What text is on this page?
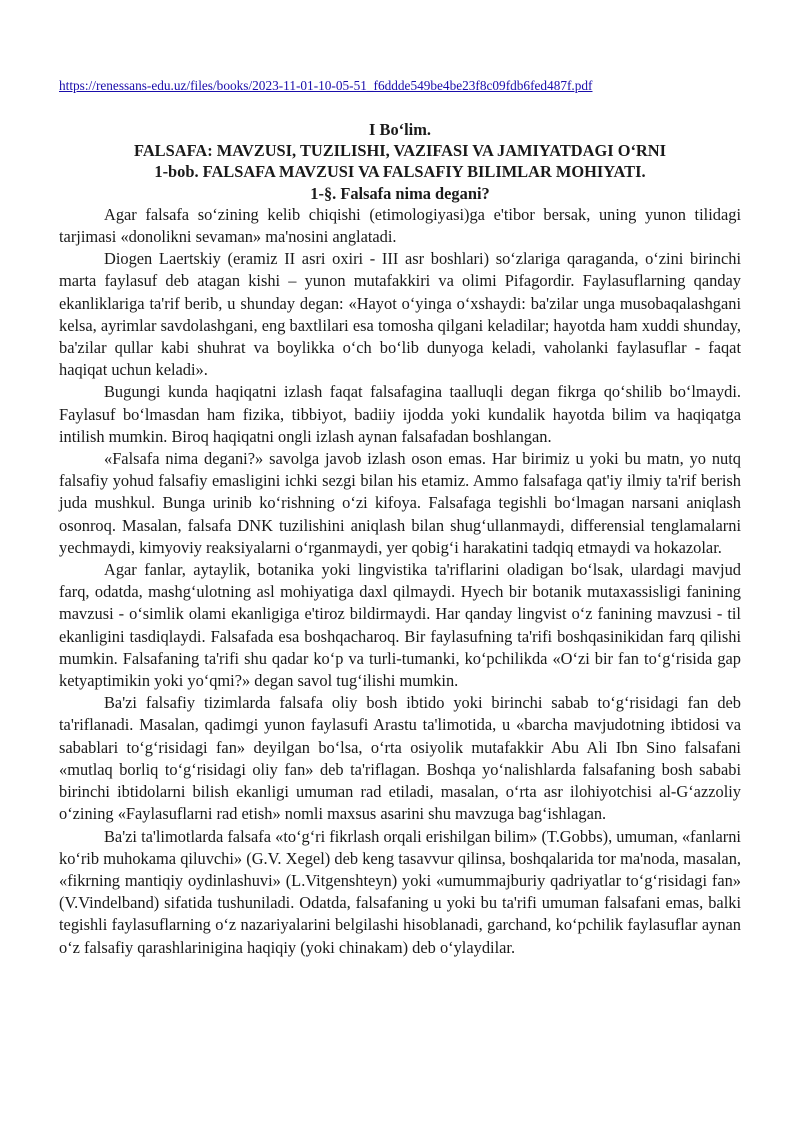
https://renessans-edu.uz/files/books/2023-11-01-10-05-51_f6ddde549be4be23f8c09fdb6fed487f.pdf
I Bo‘lim.
FALSAFA: MAVZUSI, TUZILISHI, VAZIFASI VA JAMIYATDAGI O‘RNI
1-bob. FALSAFA MAVZUSI VA FALSAFIY BILIMLAR MOHIYATI.
1-§. Falsafa nima degani?

Agar falsafa so‘zining kelib chiqishi (etimologiyasi)ga e'tibor bersak, uning yunon tilidagi tarjimasi «donolikni sevaman» ma'nosini anglatadi.

Diogen Laertskiy (eramiz II asri oxiri - III asr boshlari) so‘zlariga qaraganda, o‘zini birinchi marta faylasuf deb atagan kishi – yunon mutafakkiri va olimi Pifagordir. Faylasuflarning qanday ekanliklariga ta'rif berib, u shunday degan: «Hayot o‘yinga o‘xshaydi: ba'zilar unga musobaqalashgani kelsa, ayrimlar savdolashgani, eng baxtlilari esa tomosha qilgani keladilar; hayotda ham xuddi shunday, ba'zilar qullar kabi shuhrat va boylikka o‘ch bo‘lib dunyoga keladi, vaholanki faylasuflar - faqat haqiqat uchun keladi».

Bugungi kunda haqiqatni izlash faqat falsafagina taalluqli degan fikrga qo‘shilib bo‘lmaydi. Faylasuf bo‘lmasdan ham fizika, tibbiyot, badiiy ijodda yoki kundalik hayotda bilim va haqiqatga intilish mumkin. Biroq haqiqatni ongli izlash aynan falsafadan boshlangan.

«Falsafa nima degani?» savolga javob izlash oson emas. Har birimiz u yoki bu matn, yo nutq falsafiy yohud falsafiy emasligini ichki sezgi bilan his etamiz. Ammo falsafaga qat'iy ilmiy ta'rif berish juda mushkul. Bunga urinib ko‘rishning o‘zi kifoya. Falsafaga tegishli bo‘lmagan narsani aniqlash osonroq. Masalan, falsafa DNK tuzilishini aniqlash bilan shug‘ullanmaydi, differensial tenglamalarni yechmaydi, kimyoviy reaksiyalarni o‘rganmaydi, yer qobig‘i harakatini tadqiq etmaydi va hokazolar.

Agar fanlar, aytaylik, botanika yoki lingvistika ta'riflarini oladigan bo‘lsak, ulardagi mavjud farq, odatda, mashg‘ulotning asl mohiyatiga daxl qilmaydi. Hyech bir botanik mutaxassisligi fanining mavzusi - o‘simlik olami ekanligiga e'tiroz bildirmaydi. Har qanday lingvist o‘z fanining mavzusi - til ekanligini tasdiqlaydi. Falsafada esa boshqacharoq. Bir faylasufning ta'rifi boshqasinikidan farq qilishi mumkin. Falsafaning ta'rifi shu qadar ko‘p va turli-tumanki, ko‘pchilikda «O‘zi bir fan to‘g‘risida gap ketyaptimikin yoki yo‘qmi?» degan savol tug‘ilishi mumkin.

Ba'zi falsafiy tizimlarda falsafa oliy bosh ibtido yoki birinchi sabab to‘g‘risidagi fan deb ta'riflanadi. Masalan, qadimgi yunon faylasufi Arastu ta'limotida, u «barcha mavjudotning ibtidosi va sabablari to‘g‘risidagi fan» deyilgan bo‘lsa, o‘rta osiyolik mutafakkir Abu Ali Ibn Sino falsafani «mutlaq borliq to‘g‘risidagi oliy fan» deb ta'riflagan. Boshqa yo‘nalishlarda falsafaning bosh sababi birinchi ibtidolarni bilish ekanligi umuman rad etiladi, masalan, o‘rta asr ilohiyotchisi al-G‘azzoliy o‘zining «Faylasuflarni rad etish» nomli maxsus asarini shu mavzuga bag‘ishlagan.

Ba'zi ta'limotlarda falsafa «to‘g‘ri fikrlash orqali erishilgan bilim» (T.Gobbs), umuman, «fanlarni ko‘rib muhokama qiluvchi» (G.V. Xegel) deb keng tasavvur qilinsa, boshqalarida tor ma'noda, masalan, «fikrning mantiqiy oydinlashuvi» (L.Vitgenshteyn) yoki «umummajburiy qadriyatlar to‘g‘risidagi fan» (V.Vindelband) sifatida tushuniladi. Odatda, falsafaning u yoki bu ta'rifi umuman falsafani emas, balki tegishli faylasuflarning o‘z nazariyalarini belgilashi hisoblanadi, garchand, ko‘pchilik faylasuflar aynan o‘z falsafiy qarashlarinigina haqiqiy (yoki chinakam) deb o‘ylaydilar.
